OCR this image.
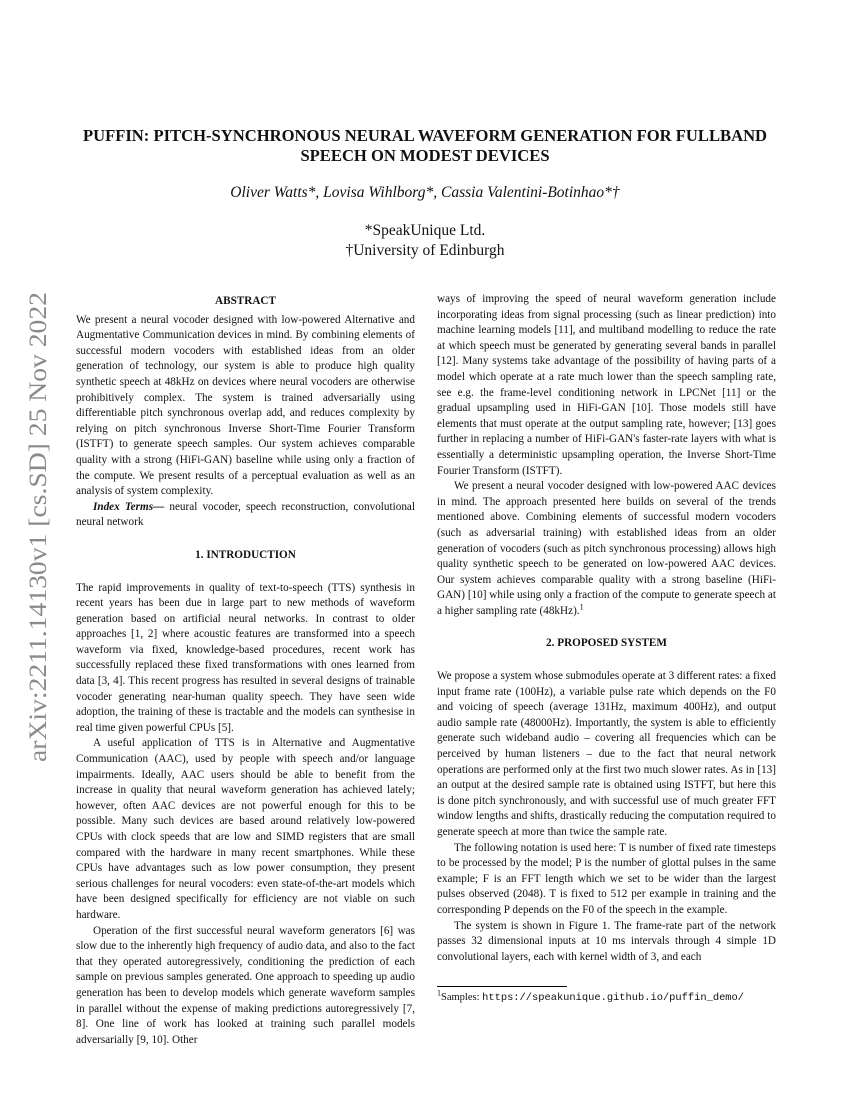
arXiv:2211.14130v1 [cs.SD] 25 Nov 2022
PUFFIN: PITCH-SYNCHRONOUS NEURAL WAVEFORM GENERATION FOR FULLBAND
SPEECH ON MODEST DEVICES

Oliver Watts*, Lovisa Wihlborg*, Cassia Valentini-Botinhao*†

*SpeakUnique Ltd.
†University of Edinburgh

ABSTRACT

We present a neural vocoder designed with low-powered Alternative and Augmentative Communication devices in mind. By combining elements of successful modern vocoders with established ideas from an older generation of technology, our system is able to produce high quality synthetic speech at 48kHz on devices where neural vocoders are otherwise prohibitively complex. The system is trained adversarially using differentiable pitch synchronous overlap add, and reduces complexity by relying on pitch synchronous Inverse Short-Time Fourier Transform (ISTFT) to generate speech samples. Our system achieves comparable quality with a strong (HiFi-GAN) baseline while using only a fraction of the compute. We present results of a perceptual evaluation as well as an analysis of system complexity.

Index Terms— neural vocoder, speech reconstruction, convolutional neural network

1. INTRODUCTION

The rapid improvements in quality of text-to-speech (TTS) synthesis in recent years has been due in large part to new methods of waveform generation based on artificial neural networks. In contrast to older approaches [1, 2] where acoustic features are transformed into a speech waveform via fixed, knowledge-based procedures, recent work has successfully replaced these fixed transformations with ones learned from data [3, 4]. This recent progress has resulted in several designs of trainable vocoder generating near-human quality speech. They have seen wide adoption, the training of these is tractable and the models can synthesise in real time given powerful CPUs [5].

A useful application of TTS is in Alternative and Augmentative Communication (AAC), used by people with speech and/or language impairments. Ideally, AAC users should be able to benefit from the increase in quality that neural waveform generation has achieved lately; however, often AAC devices are not powerful enough for this to be possible. Many such devices are based around relatively low-powered CPUs with clock speeds that are low and SIMD registers that are small compared with the hardware in many recent smartphones. While these CPUs have advantages such as low power consumption, they present serious challenges for neural vocoders: even state-of-the-art models which have been designed specifically for efficiency are not viable on such hardware.

Operation of the first successful neural waveform generators [6] was slow due to the inherently high frequency of audio data, and also to the fact that they operated autoregressively, conditioning the prediction of each sample on previous samples generated. One approach to speeding up audio generation has been to develop models which generate waveform samples in parallel without the expense of making predictions autoregressively [7, 8]. One line of work has looked at training such parallel models adversarially [9, 10]. Other

ways of improving the speed of neural waveform generation include incorporating ideas from signal processing (such as linear prediction) into machine learning models [11], and multiband modelling to reduce the rate at which speech must be generated by generating several bands in parallel [12]. Many systems take advantage of the possibility of having parts of a model which operate at a rate much lower than the speech sampling rate, see e.g. the frame-level conditioning network in LPCNet [11] or the gradual upsampling used in HiFi-GAN [10]. Those models still have elements that must operate at the output sampling rate, however; [13] goes further in replacing a number of HiFi-GAN's faster-rate layers with what is essentially a deterministic upsampling operation, the Inverse Short-Time Fourier Transform (ISTFT).

We present a neural vocoder designed with low-powered AAC devices in mind. The approach presented here builds on several of the trends mentioned above. Combining elements of successful modern vocoders (such as adversarial training) with established ideas from an older generation of vocoders (such as pitch synchronous processing) allows high quality synthetic speech to be generated on low-powered AAC devices. Our system achieves comparable quality with a strong baseline (HiFi-GAN) [10] while using only a fraction of the compute to generate speech at a higher sampling rate (48kHz).$^1$

2. PROPOSED SYSTEM

We propose a system whose submodules operate at 3 different rates: a fixed input frame rate (100Hz), a variable pulse rate which depends on the F0 and voicing of speech (average 131Hz, maximum 400Hz), and output audio sample rate (48000Hz). Importantly, the system is able to efficiently generate such wideband audio – covering all frequencies which can be perceived by human listeners – due to the fact that neural network operations are performed only at the first two much slower rates. As in [13] an output at the desired sample rate is obtained using ISTFT, but here this is done pitch synchronously, and with successful use of much greater FFT window lengths and shifts, drastically reducing the computation required to generate speech at more than twice the sample rate.

The following notation is used here: T is number of fixed rate timesteps to be processed by the model; P is the number of glottal pulses in the same example; F is an FFT length which we set to be wider than the largest pulses observed (2048). T is fixed to 512 per example in training and the corresponding P depends on the F0 of the speech in the example.

The system is shown in Figure 1. The frame-rate part of the network passes 32 dimensional inputs at 10 ms intervals through 4 simple 1D convolutional layers, each with kernel width of 3, and each

$^1$Samples: https://speakunique.github.io/puffin_demo/
